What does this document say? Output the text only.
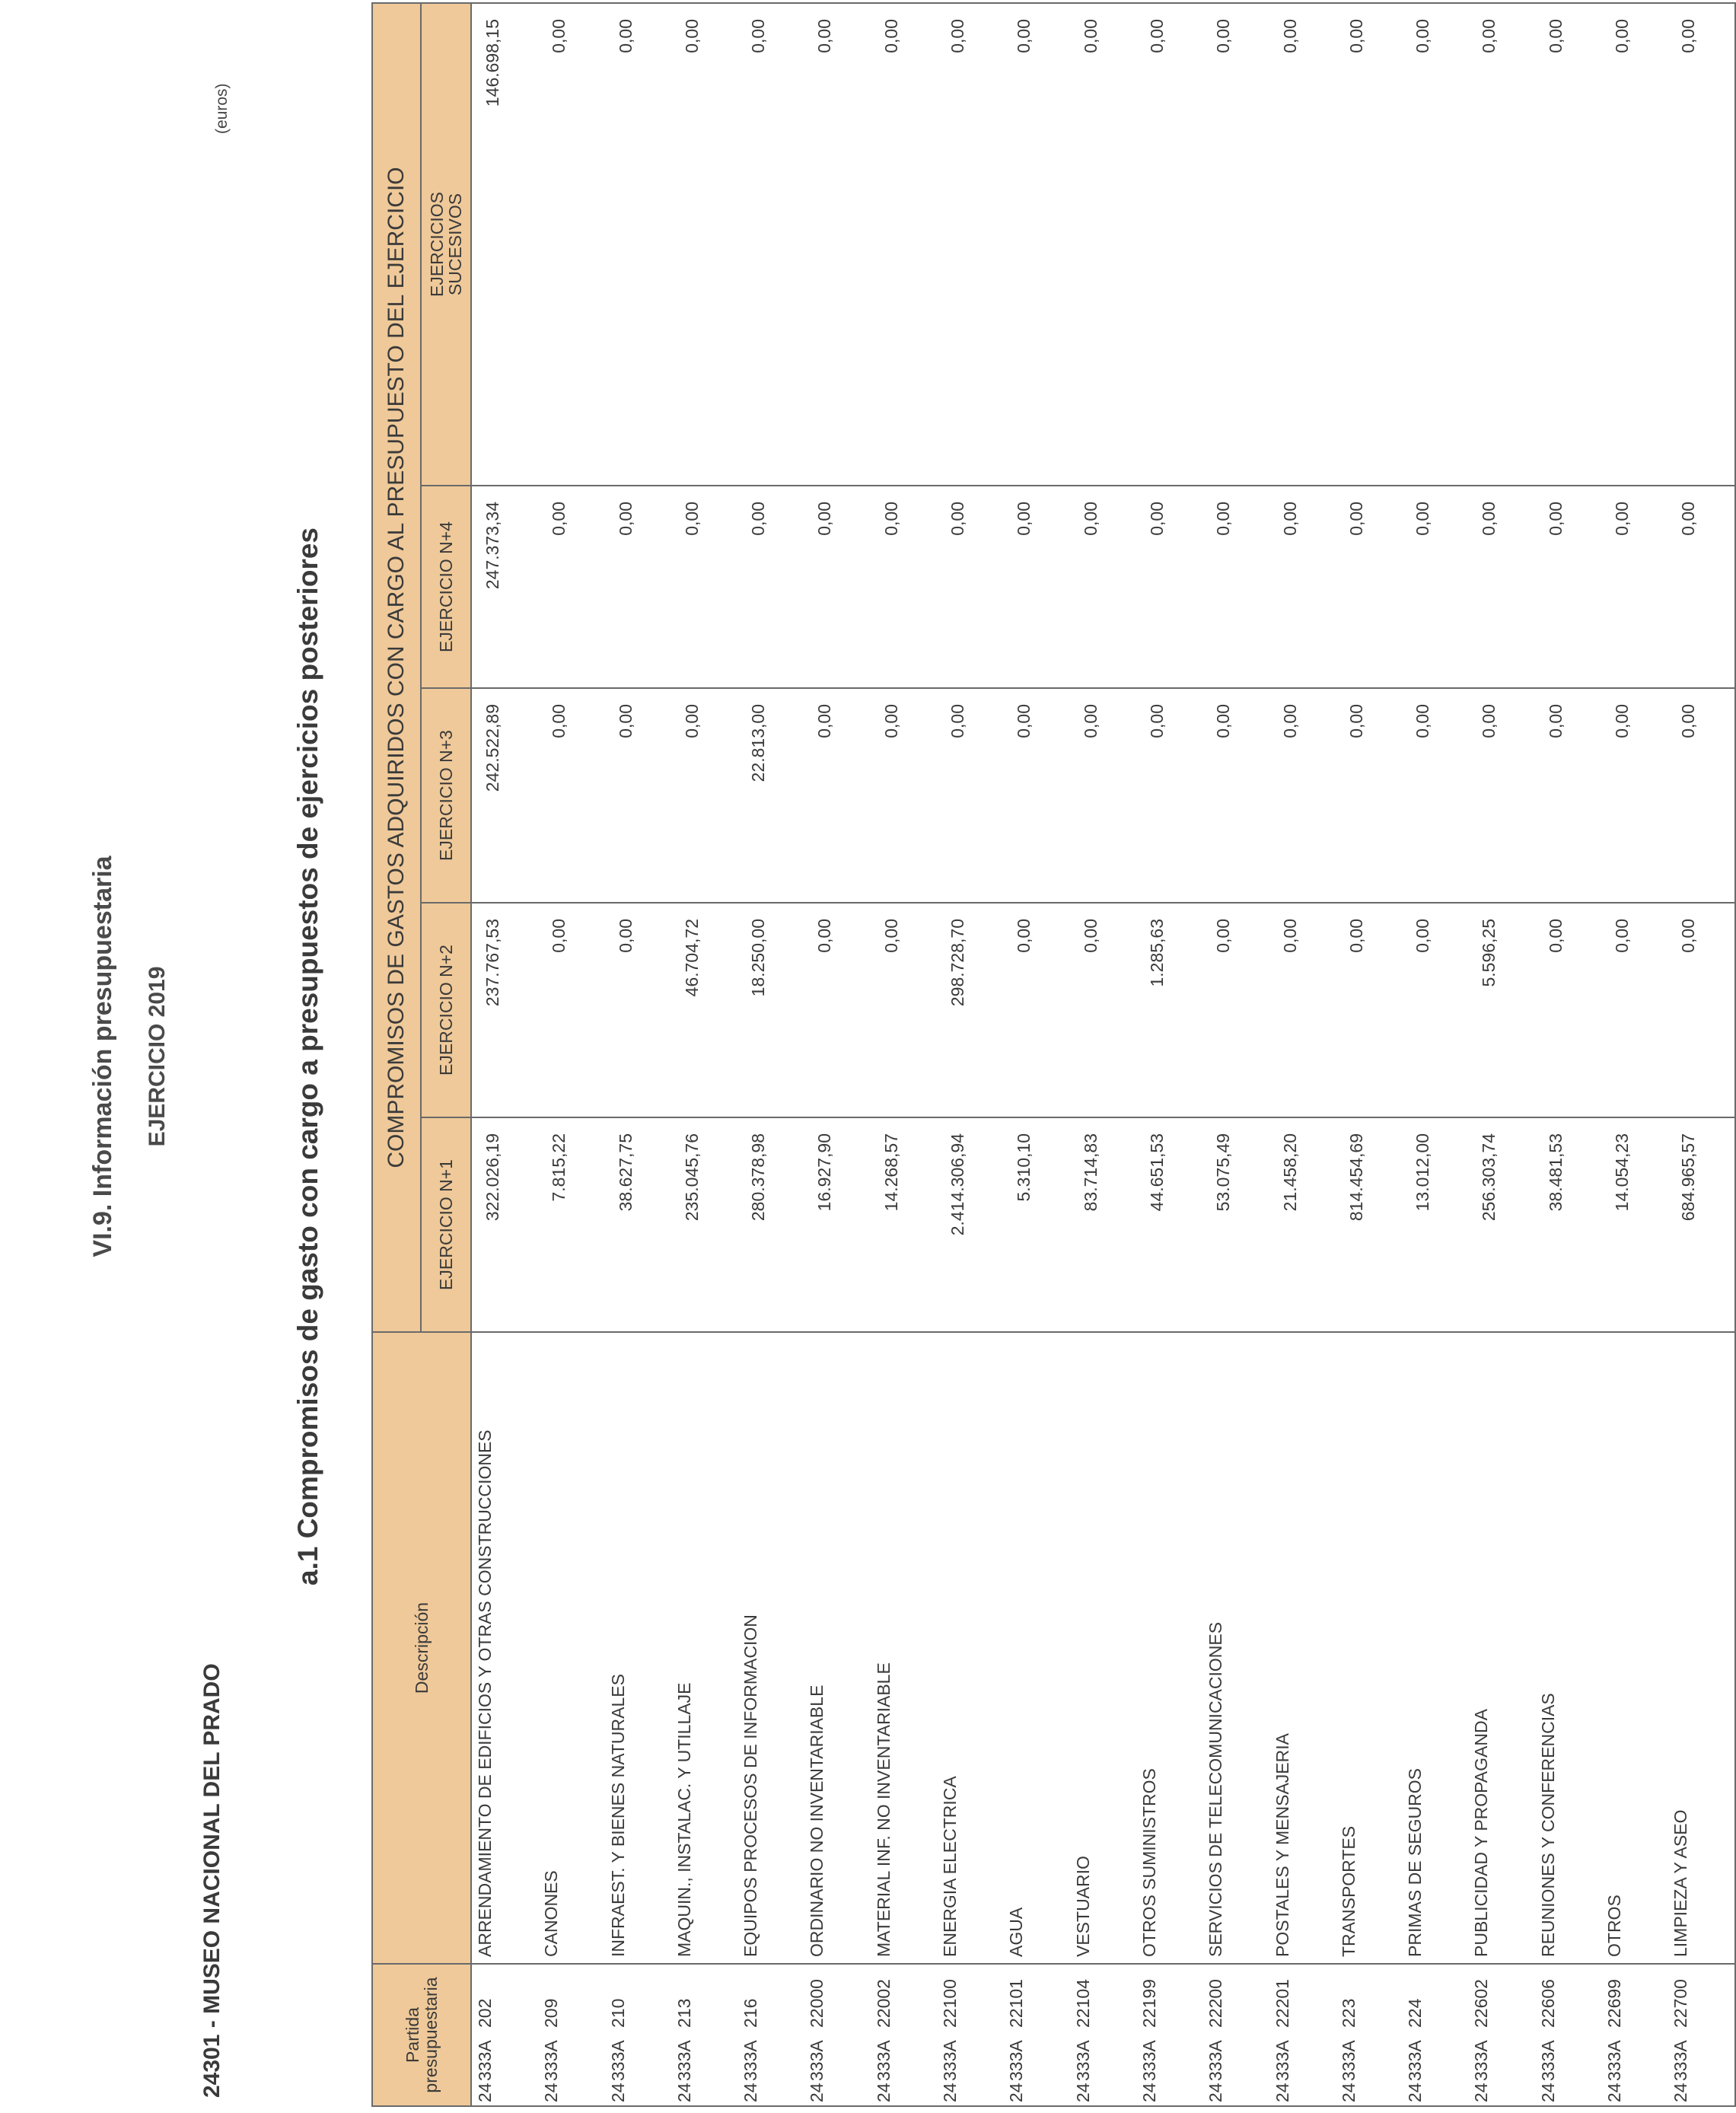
VI.9. Información presupuestaria EJERCICIO 2019
24301 - MUSEO NACIONAL DEL PRADO
a.1 Compromisos de gasto con cargo a presupuestos de ejercicios posteriores
(euros)
Partida presupuestaria	Descripción	COMPROMISOS DE GASTOS ADQUIRIDOS CON CARGO AL PRESUPUESTO DEL EJERCICIO				
		EJERCICIO N+1	EJERCICIO N+2	EJERCICIO N+3	EJERCICIO N+4	EJERCICIOS
SUCESIVOS
24333A202	ARRENDAMIENTO DE EDIFICIOS Y OTRAS CONSTRUCCIONES	322.026,19	237.767,53	242.522,89	247.373,34	146.698,15
24333A209	CANONES	7.815,22	0,00	0,00	0,00	0,00
24333A210	INFRAEST. Y BIENES NATURALES	38.627,75	0,00	0,00	0,00	0,00
24333A213	MAQUIN., INSTALAC. Y UTILLAJE	235.045,76	46.704,72	0,00	0,00	0,00
24333A216	EQUIPOS PROCESOS DE INFORMACION	280.378,98	18.250,00	22.813,00	0,00	0,00
24333A22000	ORDINARIO NO INVENTARIABLE	16.927,90	0,00	0,00	0,00	0,00
24333A22002	MATERIAL INF. NO INVENTARIABLE	14.268,57	0,00	0,00	0,00	0,00
24333A22100	ENERGIA ELECTRICA	2.414.306,94	298.728,70	0,00	0,00	0,00
24333A22101	AGUA	5.310,10	0,00	0,00	0,00	0,00
24333A22104	VESTUARIO	83.714,83	0,00	0,00	0,00	0,00
24333A22199	OTROS SUMINISTROS	44.651,53	1.285,63	0,00	0,00	0,00
24333A22200	SERVICIOS DE TELECOMUNICACIONES	53.075,49	0,00	0,00	0,00	0,00
24333A22201	POSTALES Y MENSAJERIA	21.458,20	0,00	0,00	0,00	0,00
24333A223	TRANSPORTES	814.454,69	0,00	0,00	0,00	0,00
24333A224	PRIMAS DE SEGUROS	13.012,00	0,00	0,00	0,00	0,00
24333A22602	PUBLICIDAD Y PROPAGANDA	256.303,74	5.596,25	0,00	0,00	0,00
24333A22606	REUNIONES Y CONFERENCIAS	38.481,53	0,00	0,00	0,00	0,00
24333A22699	OTROS	14.054,23	0,00	0,00	0,00	0,00
24333A22700	LIMPIEZA Y ASEO	684.965,57	0,00	0,00	0,00	0,00
